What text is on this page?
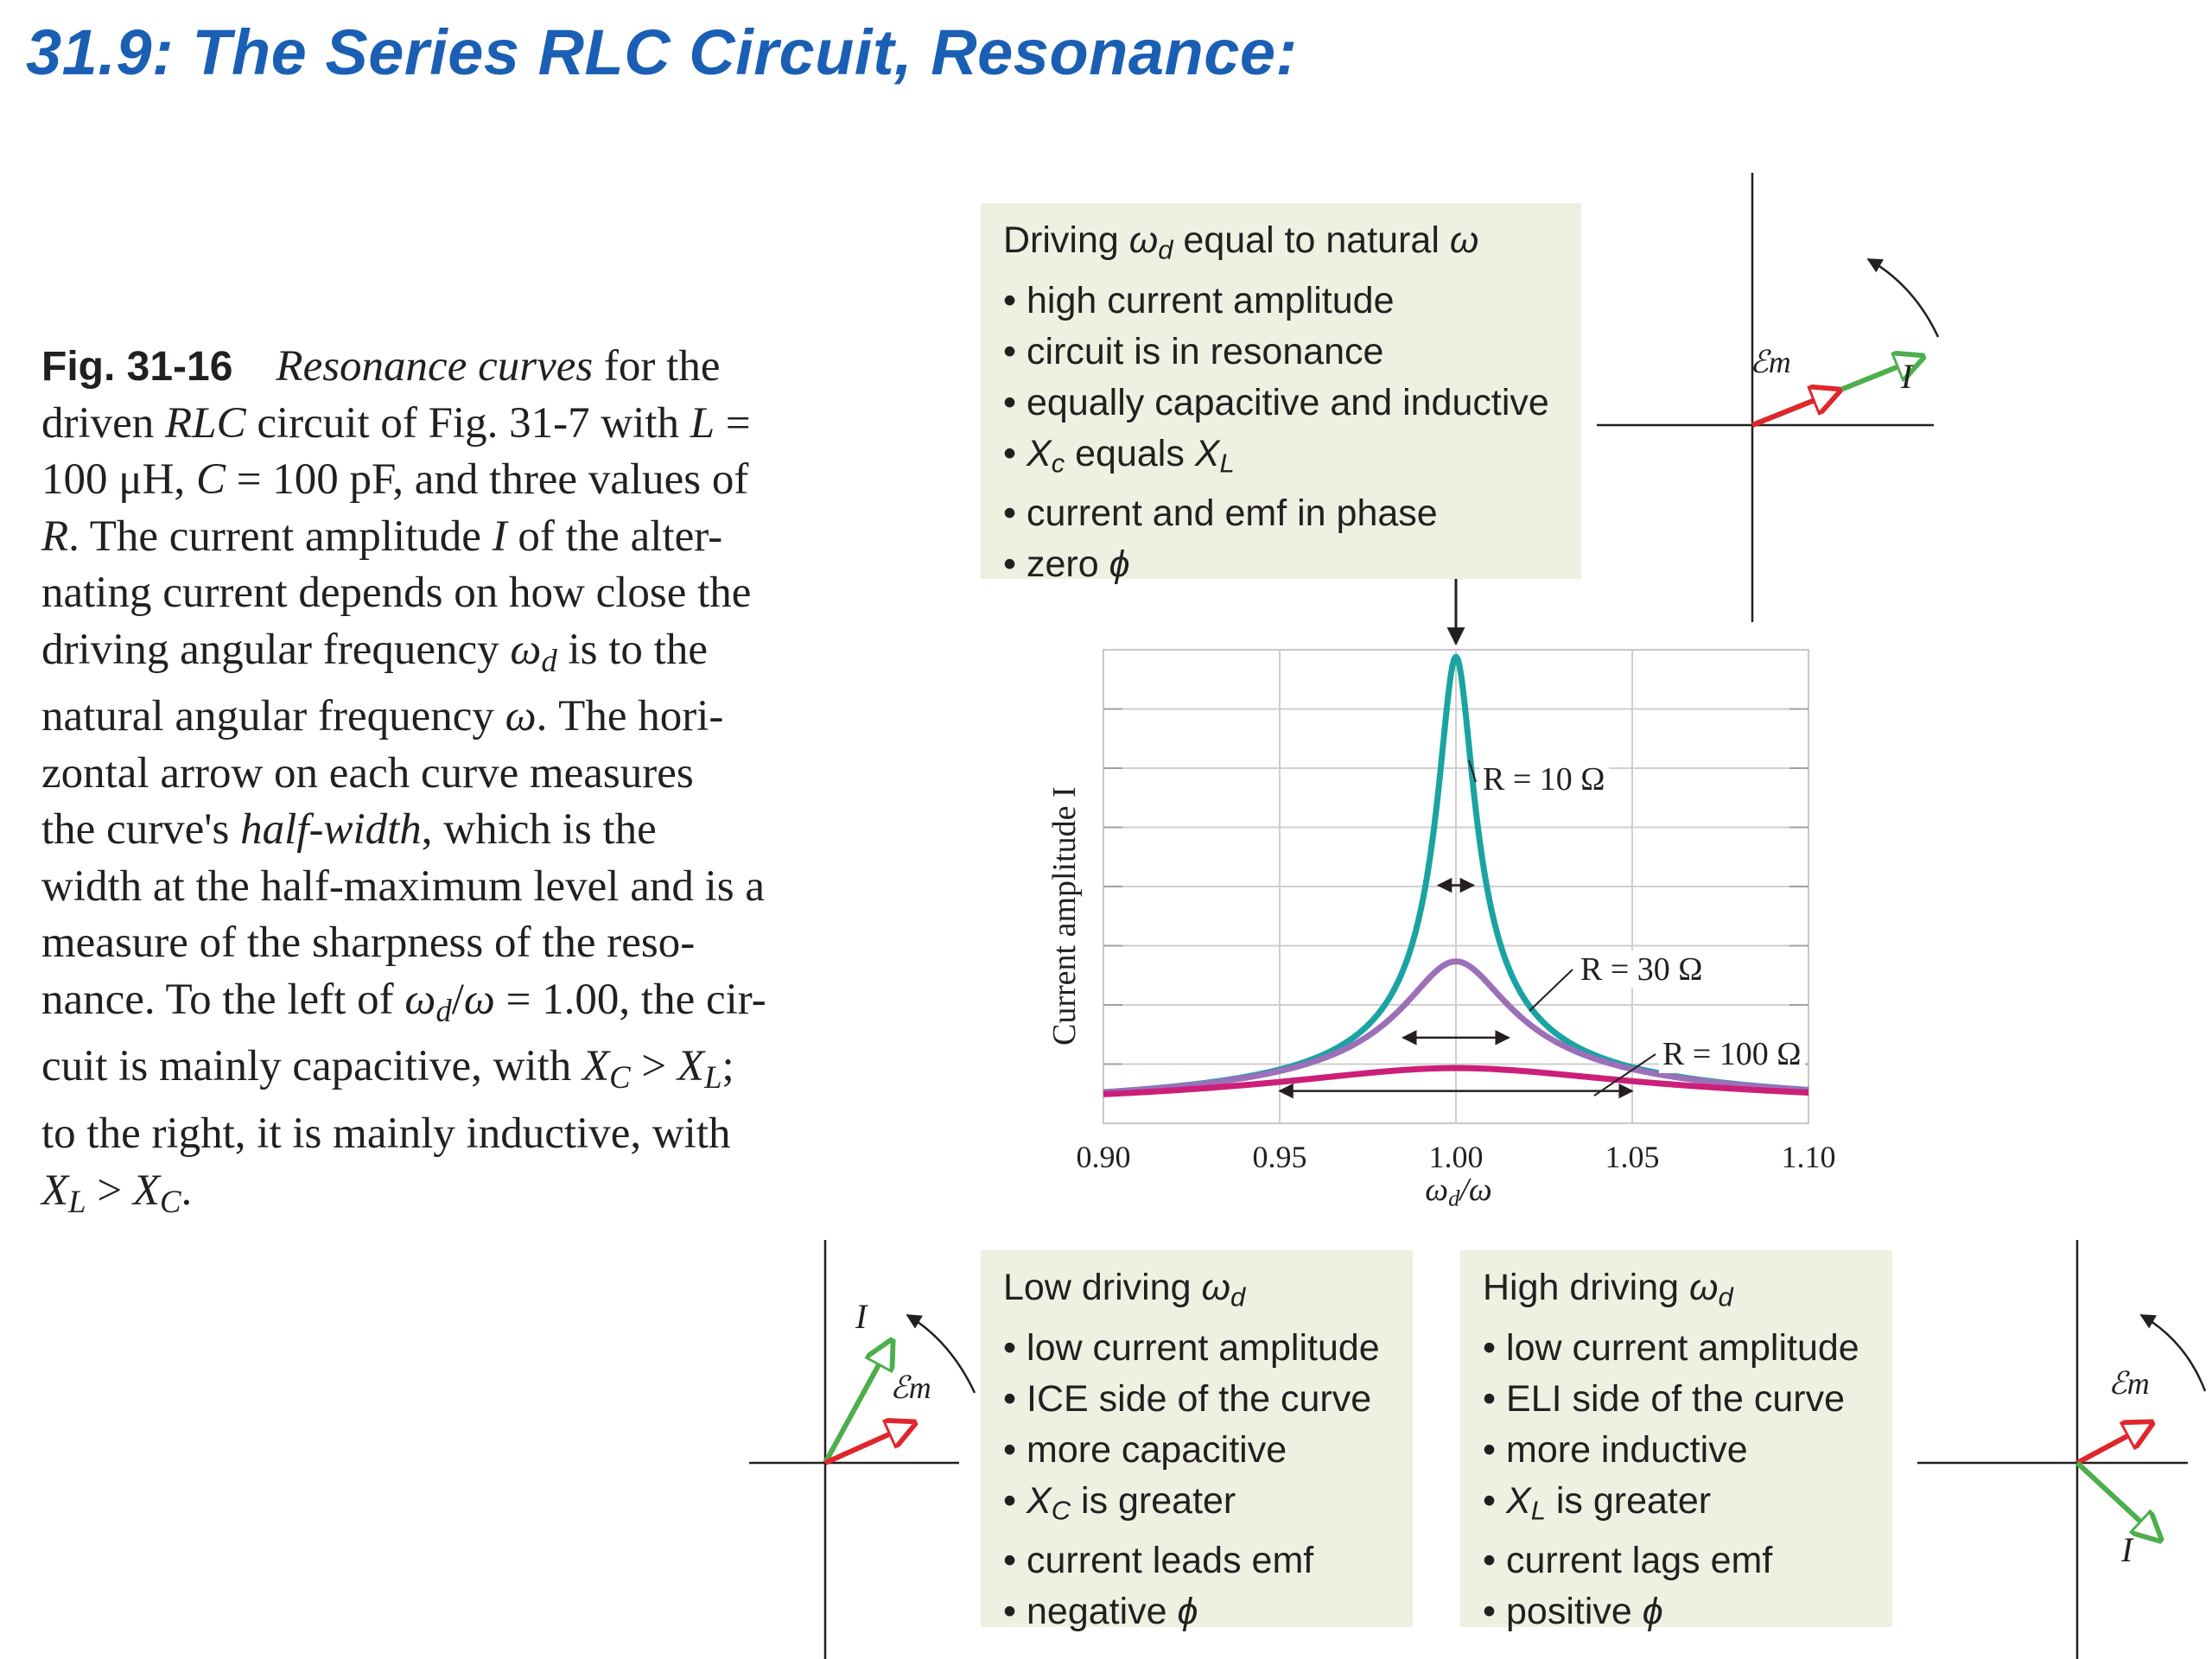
31.9: The Series RLC Circuit, Resonance:
Fig. 31-16 Resonance curves for the
driven RLC circuit of Fig. 31-7 with L =
100 μH, C = 100 pF, and three values of
R. The current amplitude I of the alter-
nating current depends on how close the
driving angular frequency ωd is to the
natural angular frequency ω. The hori-
zontal arrow on each curve measures
the curve's half-width, which is the
width at the half-maximum level and is a
measure of the sharpness of the reso-
nance. To the left of ωd/ω = 1.00, the cir-
cuit is mainly capacitive, with XC > XL;
to the right, it is mainly inductive, with
XL > XC.
Driving ωd equal to natural ω
• high current amplitude
• circuit is in resonance
• equally capacitive and inductive
• Xc equals XL
• current and emf in phase
• zero ϕ
Low driving ωd
• low current amplitude
• ICE side of the curve
• more capacitive
• XC is greater
• current leads emf
• negative ϕ
High driving ωd
• low current amplitude
• ELI side of the curve
• more inductive
• XL is greater
• current lags emf
• positive ϕ
Current amplitude I
ωd/ω
0.90	0.95	1.00	1.05	1.10
R = 10 Ω
R = 30 Ω
R = 100 Ω
ℰm	I
I
ℰm	ℰm
I
